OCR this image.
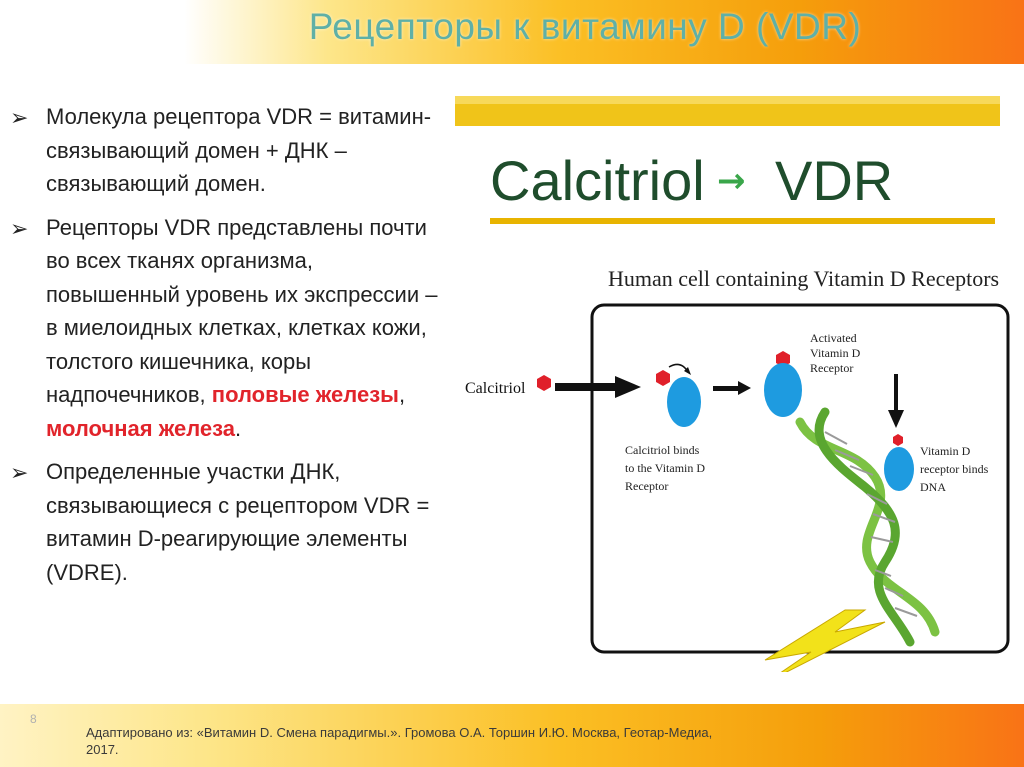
Рецепторы к витамину D (VDR)
➢ Молекула рецептора VDR = витамин-связывающий домен + ДНК – связывающий домен.
➢ Рецепторы VDR представлены почти во всех тканях организма, повышенный уровень их экспрессии – в миелоидных клетках, клетках кожи, толстого кишечника, коры надпочечников, половые железы, молочная железа.
➢ Определенные участки ДНК, связывающиеся с рецептором VDR = витамин D-реагирующие элементы (VDRE).
Calcitriol → VDR
Human cell containing Vitamin D Receptors
Calcitriol
Activated Vitamin D Receptor
Calcitriol binds to the Vitamin D Receptor
Vitamin D receptor binds DNA
8
Адаптировано из: «Витамин D. Смена парадигмы.». Громова О.А. Торшин И.Ю. Москва, Геотар-Медиа, 2017.
